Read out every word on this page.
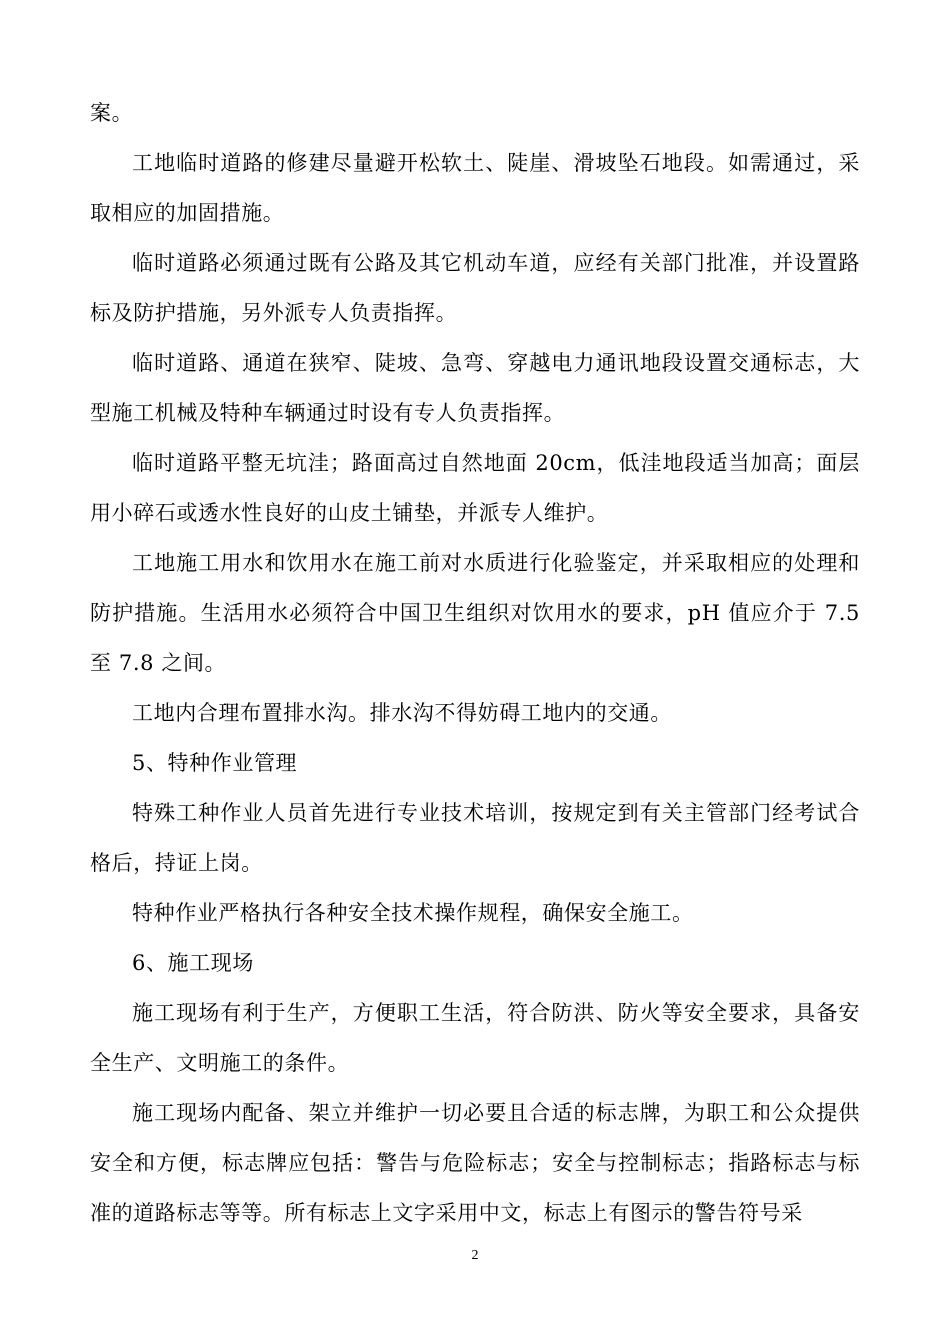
案。

工地临时道路的修建尽量避开松软土、陡崖、滑坡坠石地段。如需通过，采取相应的加固措施。

临时道路必须通过既有公路及其它机动车道，应经有关部门批准，并设置路标及防护措施，另外派专人负责指挥。

临时道路、通道在狭窄、陡坡、急弯、穿越电力通讯地段设置交通标志，大型施工机械及特种车辆通过时设有专人负责指挥。

临时道路平整无坑洼；路面高过自然地面 20cm，低洼地段适当加高；面层用小碎石或透水性良好的山皮土铺垫，并派专人维护。

工地施工用水和饮用水在施工前对水质进行化验鉴定，并采取相应的处理和防护措施。生活用水必须符合中国卫生组织对饮用水的要求，pH 值应介于 7.5 至 7.8 之间。

工地内合理布置排水沟。排水沟不得妨碍工地内的交通。

5、特种作业管理

特殊工种作业人员首先进行专业技术培训，按规定到有关主管部门经考试合格后，持证上岗。

特种作业严格执行各种安全技术操作规程，确保安全施工。

6、施工现场

施工现场有利于生产，方便职工生活，符合防洪、防火等安全要求，具备安全生产、文明施工的条件。

施工现场内配备、架立并维护一切必要且合适的标志牌，为职工和公众提供安全和方便，标志牌应包括：警告与危险标志；安全与控制标志；指路标志与标准的道路标志等等。所有标志上文字采用中文，标志上有图示的警告符号采

2
